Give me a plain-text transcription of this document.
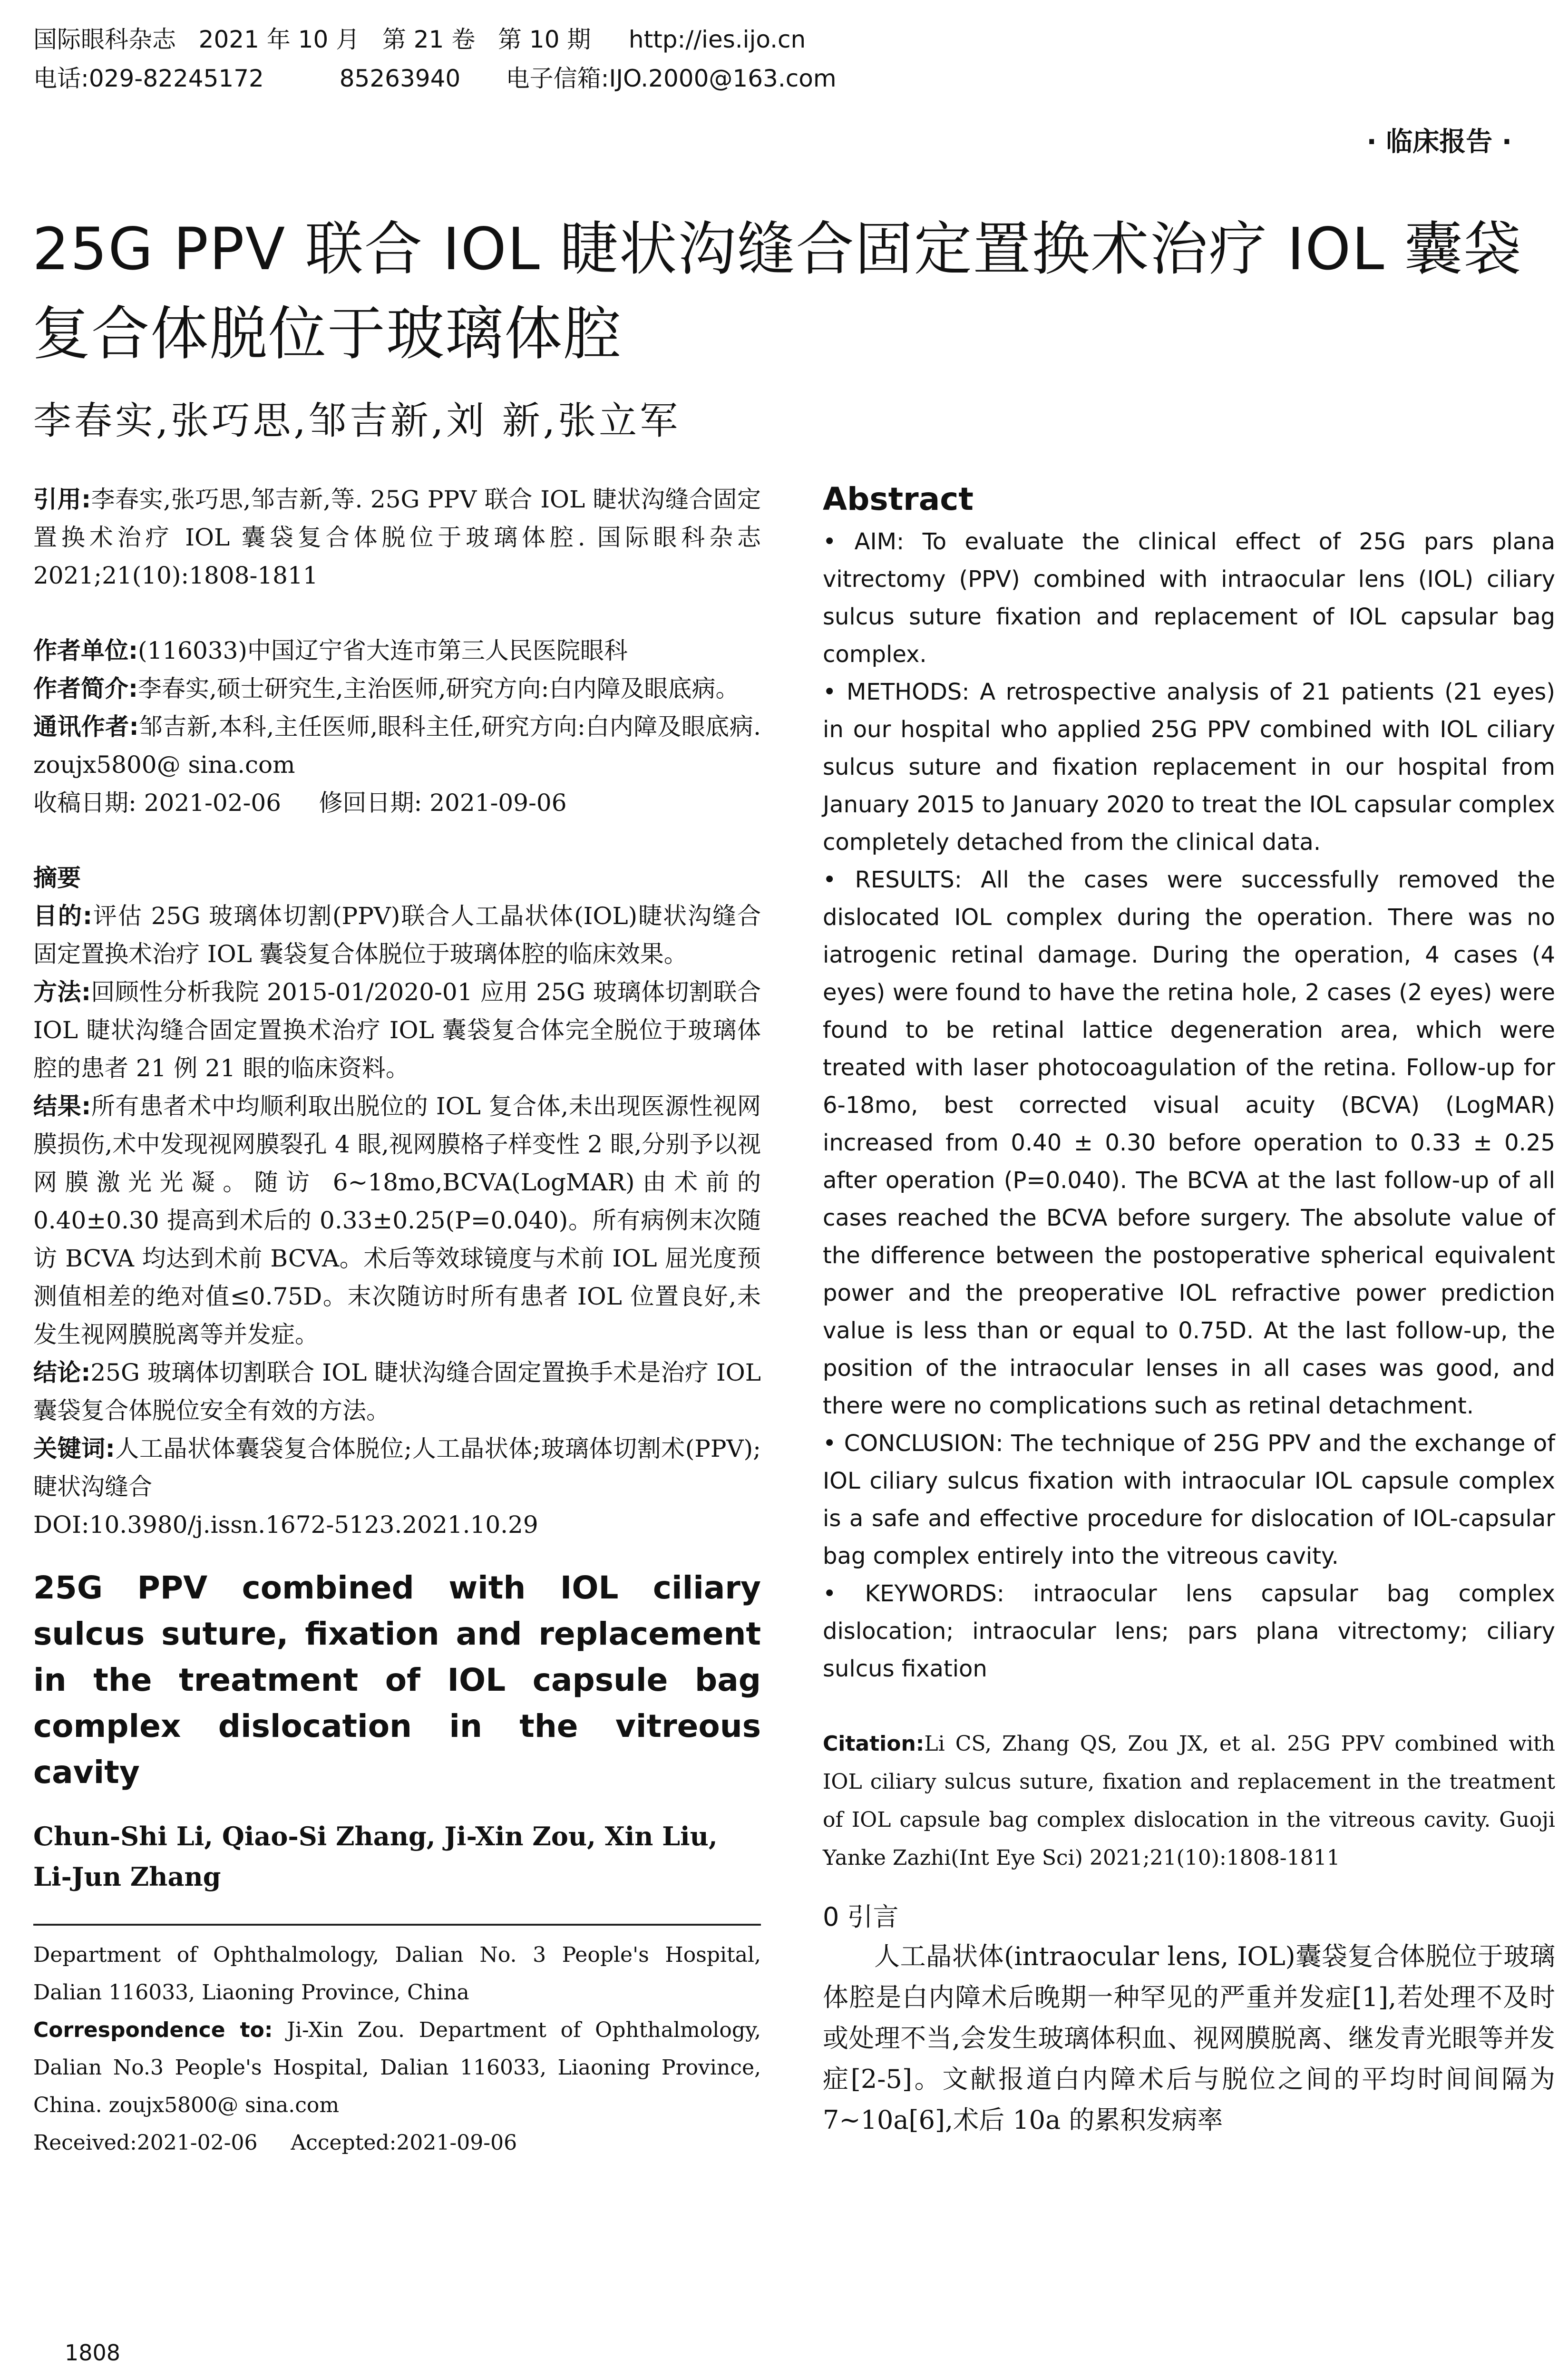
国际眼科杂志   2021 年 10 月   第 21 卷   第 10 期     http://ies.ijo.cn
电话:029-82245172          85263940      电子信箱:IJO.2000@163.com
· 临床报告 ·
25G PPV 联合 IOL 睫状沟缝合固定置换术治疗 IOL 囊袋复合体脱位于玻璃体腔
李春实,张巧思,邹吉新,刘 新,张立军

引用:李春实,张巧思,邹吉新,等. 25G PPV 联合 IOL 睫状沟缝合固定置换术治疗 IOL 囊袋复合体脱位于玻璃体腔. 国际眼科杂志 2021;21(10):1808-1811

作者单位:(116033)中国辽宁省大连市第三人民医院眼科

作者简介:李春实,硕士研究生,主治医师,研究方向:白内障及眼底病。

通讯作者:邹吉新,本科,主任医师,眼科主任,研究方向:白内障及眼底病. zoujx5800@ sina.com

收稿日期: 2021-02-06     修回日期: 2021-09-06

摘要

目的:评估 25G 玻璃体切割(PPV)联合人工晶状体(IOL)睫状沟缝合固定置换术治疗 IOL 囊袋复合体脱位于玻璃体腔的临床效果。

方法:回顾性分析我院 2015-01/2020-01 应用 25G 玻璃体切割联合 IOL 睫状沟缝合固定置换术治疗 IOL 囊袋复合体完全脱位于玻璃体腔的患者 21 例 21 眼的临床资料。

结果:所有患者术中均顺利取出脱位的 IOL 复合体,未出现医源性视网膜损伤,术中发现视网膜裂孔 4 眼,视网膜格子样变性 2 眼,分别予以视网膜激光光凝。随访 6~18mo,BCVA(LogMAR)由术前的 0.40±0.30 提高到术后的 0.33±0.25(P=0.040)。所有病例末次随访 BCVA 均达到术前 BCVA。术后等效球镜度与术前 IOL 屈光度预测值相差的绝对值≤0.75D。末次随访时所有患者 IOL 位置良好,未发生视网膜脱离等并发症。

结论:25G 玻璃体切割联合 IOL 睫状沟缝合固定置换手术是治疗 IOL 囊袋复合体脱位安全有效的方法。

关键词:人工晶状体囊袋复合体脱位;人工晶状体;玻璃体切割术(PPV);睫状沟缝合

DOI:10.3980/j.issn.1672-5123.2021.10.29

25G PPV combined with IOL ciliary sulcus suture, fixation and replacement in the treatment of IOL capsule bag complex dislocation in the vitreous cavity

Chun-Shi Li, Qiao-Si Zhang, Ji-Xin Zou, Xin Liu, Li-Jun Zhang

Department of Ophthalmology, Dalian No. 3 People's Hospital, Dalian 116033, Liaoning Province, China

Correspondence to: Ji-Xin Zou. Department of Ophthalmology, Dalian No.3 People's Hospital, Dalian 116033, Liaoning Province, China. zoujx5800@ sina.com

Received:2021-02-06     Accepted:2021-09-06

Abstract

• AIM: To evaluate the clinical effect of 25G pars plana vitrectomy (PPV) combined with intraocular lens (IOL) ciliary sulcus suture fixation and replacement of IOL capsular bag complex.

• METHODS: A retrospective analysis of 21 patients (21 eyes) in our hospital who applied 25G PPV combined with IOL ciliary sulcus suture and fixation replacement in our hospital from January 2015 to January 2020 to treat the IOL capsular complex completely detached from the clinical data.

• RESULTS: All the cases were successfully removed the dislocated IOL complex during the operation. There was no iatrogenic retinal damage. During the operation, 4 cases (4 eyes) were found to have the retina hole, 2 cases (2 eyes) were found to be retinal lattice degeneration area, which were treated with laser photocoagulation of the retina. Follow-up for 6-18mo, best corrected visual acuity (BCVA) (LogMAR) increased from 0.40 ± 0.30 before operation to 0.33 ± 0.25 after operation (P=0.040). The BCVA at the last follow-up of all cases reached the BCVA before surgery. The absolute value of the difference between the postoperative spherical equivalent power and the preoperative IOL refractive power prediction value is less than or equal to 0.75D. At the last follow-up, the position of the intraocular lenses in all cases was good, and there were no complications such as retinal detachment.

• CONCLUSION: The technique of 25G PPV and the exchange of IOL ciliary sulcus fixation with intraocular IOL capsule complex is a safe and effective procedure for dislocation of IOL-capsular bag complex entirely into the vitreous cavity.

• KEYWORDS: intraocular lens capsular bag complex dislocation; intraocular lens; pars plana vitrectomy; ciliary sulcus fixation

Citation:Li CS, Zhang QS, Zou JX, et al. 25G PPV combined with IOL ciliary sulcus suture, fixation and replacement in the treatment of IOL capsule bag complex dislocation in the vitreous cavity. Guoji Yanke Zazhi(Int Eye Sci) 2021;21(10):1808-1811

0 引言

人工晶状体(intraocular lens, IOL)囊袋复合体脱位于玻璃体腔是白内障术后晚期一种罕见的严重并发症[1],若处理不及时或处理不当,会发生玻璃体积血、视网膜脱离、继发青光眼等并发症[2-5]。文献报道白内障术后与脱位之间的平均时间间隔为 7~10a[6],术后 10a 的累积发病率

1808
